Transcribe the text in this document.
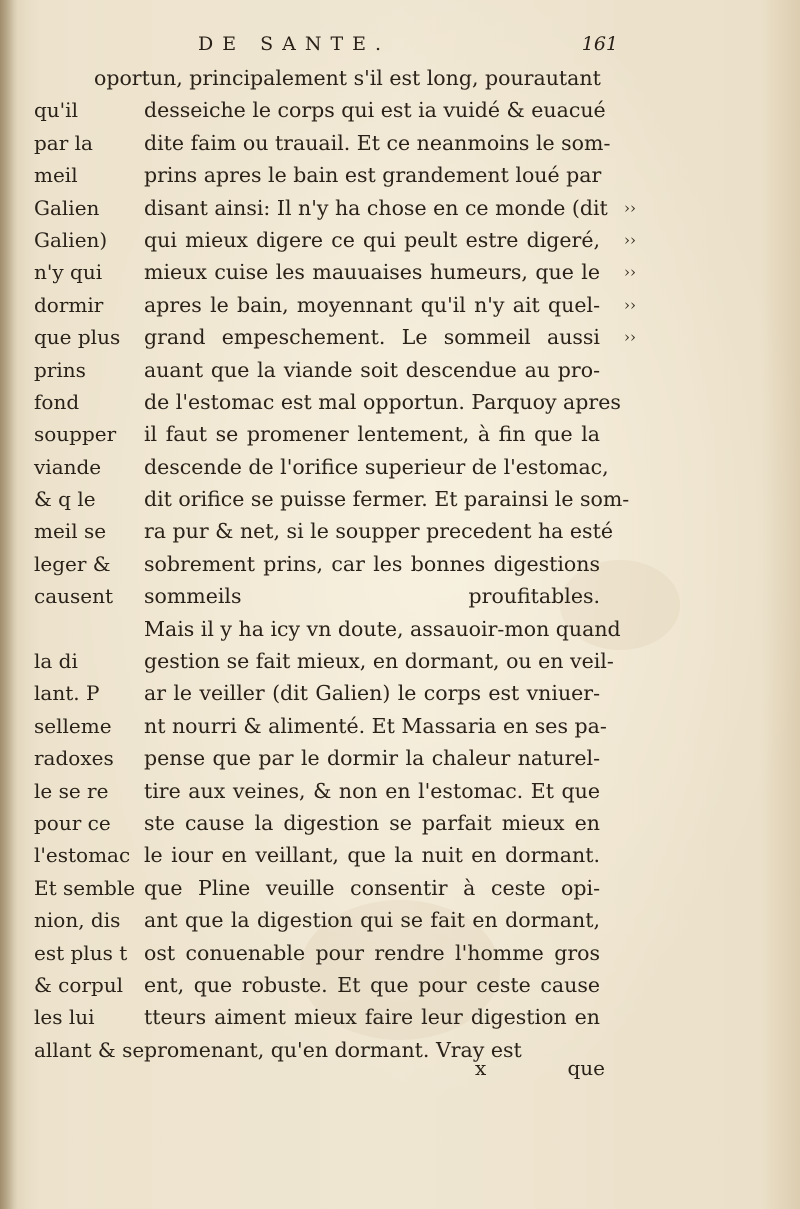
DE SANTE.	161
oportun, principalement s'il est long, pourautant
qu'il	desseiche le corps qui est ia vuidé & euacué
par la dite faim ou trauail. Et ce neanmoins le som-
meil	prins apres le bain est grandement loué par
Galien disant ainsi: Il n'y ha chose en ce monde (dit ››
Galien) qui mieux digere ce qui peult estre digeré, ››
n'y qui mieux cuise les mauuaises humeurs, que le ››
dormir apres le bain, moyennant qu'il n'y ait quel- ››
que plus grand empeschement. Le sommeil aussi ››
prins	auant que la viande soit descendue au pro-
fond	de l'estomac est mal opportun. Parquoy apres
soupper il faut se promener lentement, à fin que la
viande descende de l'orifice superieur de l'estomac,
& q le dit orifice se puisse fermer. Et parainsi le som-
meil se ra pur & net, si le soupper precedent ha esté
leger & sobrement prins, car les bonnes digestions
causent sommeils proufitables.
Mais il y ha icy vn doute, assauoir-mon quand
la di	gestion se fait mieux, en dormant, ou en veil-
lant. P ar le veiller (dit Galien) le corps est vniuer-
selleme nt nourri & alimenté. Et Massaria en ses pa-
radoxes pense que par le dormir la chaleur naturel-
le se re tire aux veines, & non en l'estomac. Et que
pour ce ste cause la digestion se parfait mieux en
l'estomac le iour en veillant, que la nuit en dormant.
Et semble que Pline veuille consentir à ceste opi-
nion, dis ant que la digestion qui se fait en dormant,
est plus t ost conuenable pour rendre l'homme gros
& corpul ent, que robuste. Et que pour ceste cause
les lui tteurs aiment mieux faire leur digestion en
allant & se promenant, qu'en dormant. Vray est
x	que
